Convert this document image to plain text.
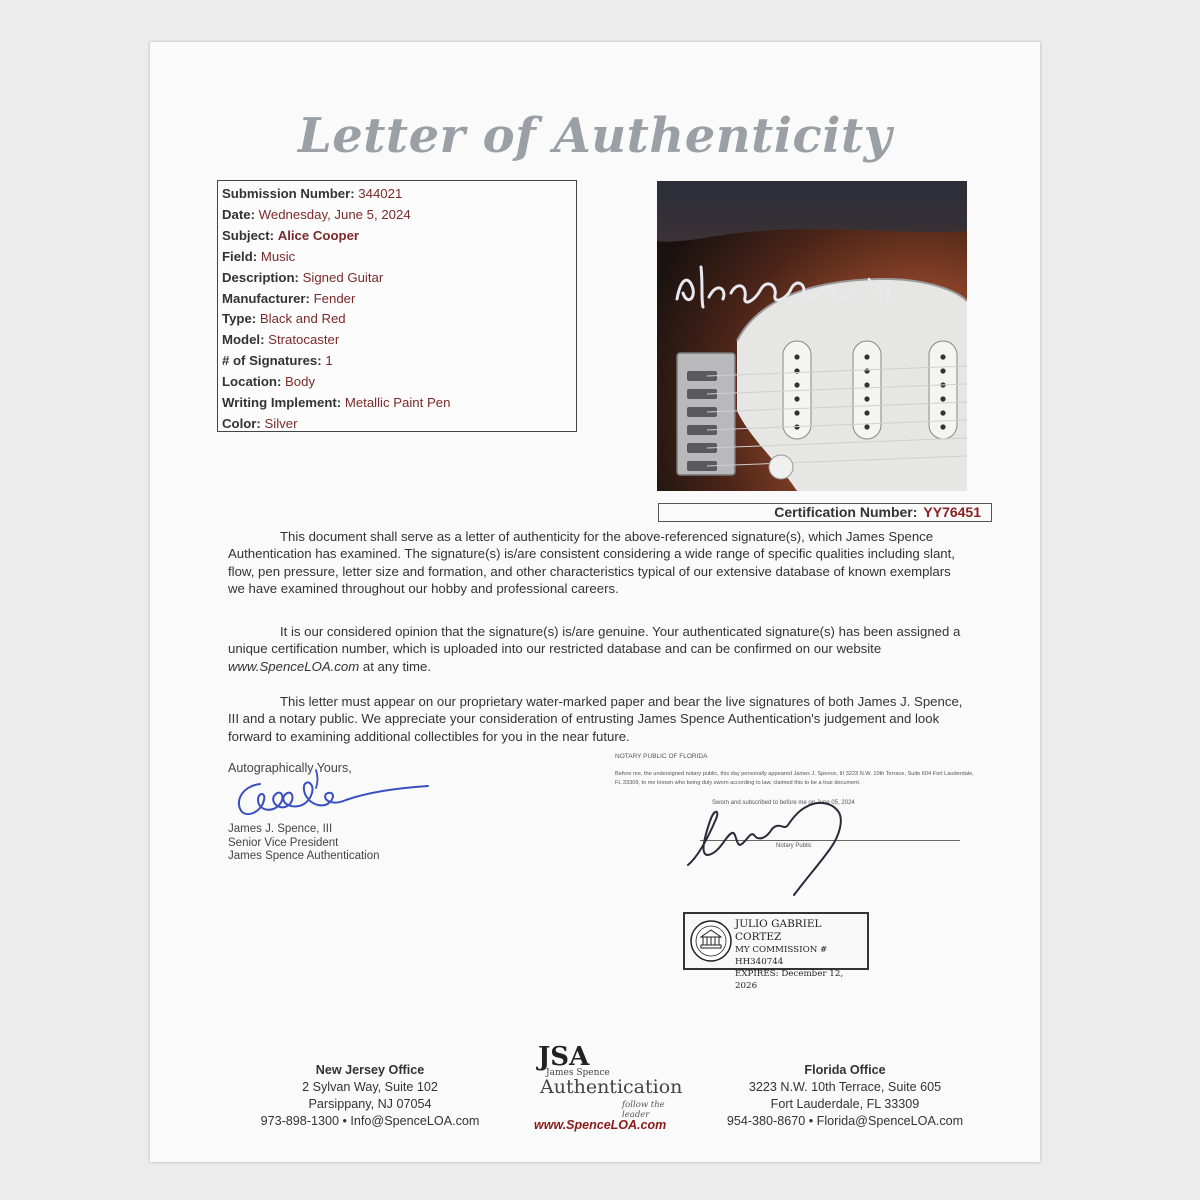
Letter of Authenticity
Submission Number: 344021
Date: Wednesday, June 5, 2024
Subject: Alice Cooper
Field: Music
Description: Signed Guitar
Manufacturer: Fender
Type: Black and Red
Model: Stratocaster
# of Signatures: 1
Location: Body
Writing Implement: Metallic Paint Pen
Color: Silver
Certification Number: YY76451

This document shall serve as a letter of authenticity for the above-referenced signature(s), which James Spence Authentication has examined. The signature(s) is/are consistent considering a wide range of specific qualities including slant, flow, pen pressure, letter size and formation, and other characteristics typical of our extensive database of known exemplars we have examined throughout our hobby and professional careers.

It is our considered opinion that the signature(s) is/are genuine. Your authenticated signature(s) has been assigned a unique certification number, which is uploaded into our restricted database and can be confirmed on our website www.SpenceLOA.com at any time.

This letter must appear on our proprietary water-marked paper and bear the live signatures of both James J. Spence, III and a notary public. We appreciate your consideration of entrusting James Spence Authentication's judgement and look forward to examining additional collectibles for you in the near future.

Autographically Yours,
James J. Spence, III
Senior Vice President
James Spence Authentication
NOTARY PUBLIC OF FLORIDA
Before me, the undersigned notary public, this day personally appeared James J. Spence, III 3223 N.W. 10th Terrace, Suite 604 Fort Lauderdale, FL 33309, to me known who being duly sworn according to law, claimed this to be a true document.
Sworn and subscribed to before me on June 05, 2024
Notary Public
JULIO GABRIEL CORTEZ
MY COMMISSION # HH340744
EXPIRES: December 12, 2026
New Jersey Office
2 Sylvan Way, Suite 102
Parsippany, NJ 07054
973-898-1300 • Info@SpenceLOA.com
JSA
James Spence
Authentication
follow the leader
www.SpenceLOA.com
Florida Office
3223 N.W. 10th Terrace, Suite 605
Fort Lauderdale, FL 33309
954-380-8670 • Florida@SpenceLOA.com
